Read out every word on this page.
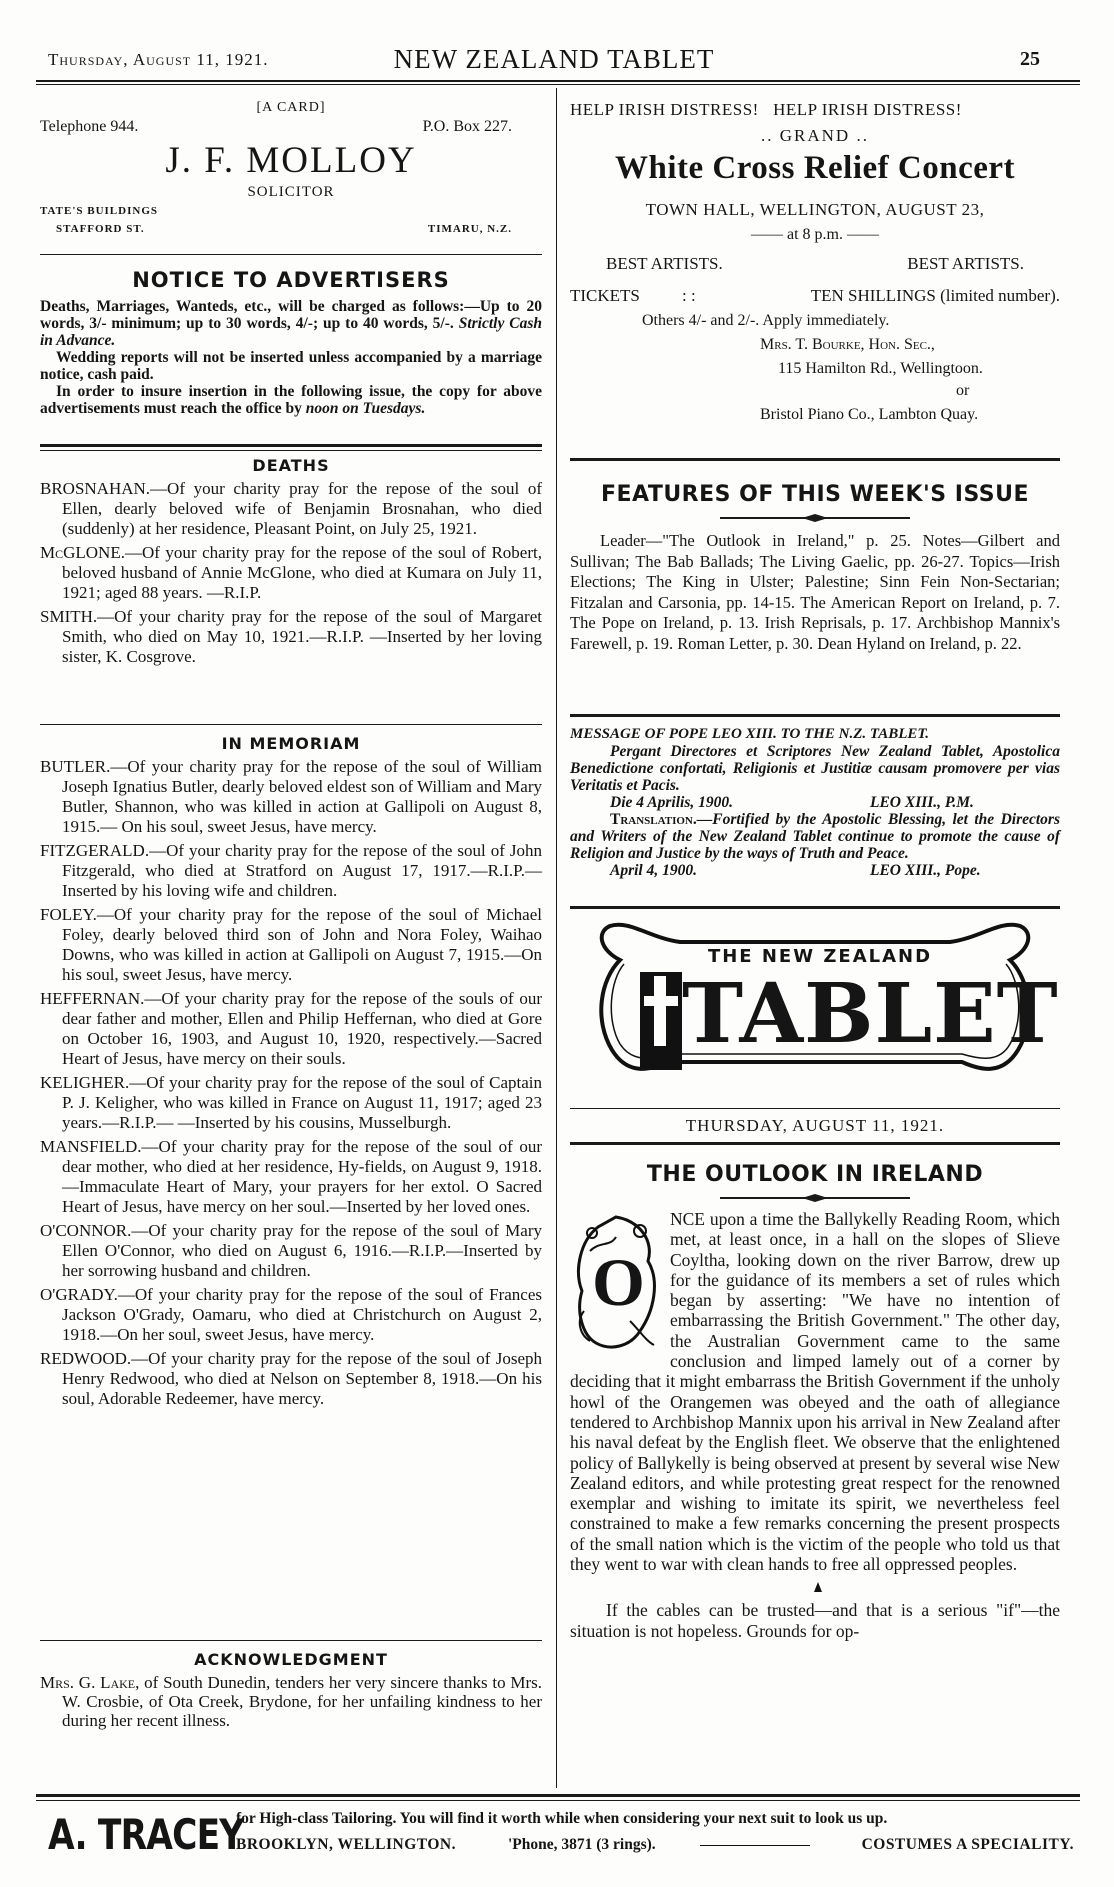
Thursday, August 11, 1921.	NEW ZEALAND TABLET	25
[A CARD]
Telephone 944.	P.O. Box 227.
J. F. MOLLOY
SOLICITOR
TATE'S BUILDINGS
STAFFORD ST.	TIMARU, N.Z.
NOTICE TO ADVERTISERS

Deaths, Marriages, Wanteds, etc., will be charged as follows:—Up to 20 words, 3/- minimum; up to 30 words, 4/-; up to 40 words, 5/-. Strictly Cash in Advance.

Wedding reports will not be inserted unless accompanied by a marriage notice, cash paid.

In order to insure insertion in the following issue, the copy for above advertisements must reach the office by noon on Tuesdays.

DEATHS
BROSNAHAN.—Of your charity pray for the repose of the soul of Ellen, dearly beloved wife of Benjamin Brosnahan, who died (suddenly) at her residence, Pleasant Point, on July 25, 1921.
McGLONE.—Of your charity pray for the repose of the soul of Robert, beloved husband of Annie McGlone, who died at Kumara on July 11, 1921; aged 88 years. —R.I.P.
SMITH.—Of your charity pray for the repose of the soul of Margaret Smith, who died on May 10, 1921.—R.I.P. —Inserted by her loving sister, K. Cosgrove.
IN MEMORIAM
BUTLER.—Of your charity pray for the repose of the soul of William Joseph Ignatius Butler, dearly beloved eldest son of William and Mary Butler, Shannon, who was killed in action at Gallipoli on August 8, 1915.— On his soul, sweet Jesus, have mercy.
FITZGERALD.—Of your charity pray for the repose of the soul of John Fitzgerald, who died at Stratford on August 17, 1917.—R.I.P.—Inserted by his loving wife and children.
FOLEY.—Of your charity pray for the repose of the soul of Michael Foley, dearly beloved third son of John and Nora Foley, Waihao Downs, who was killed in action at Gallipoli on August 7, 1915.—On his soul, sweet Jesus, have mercy.
HEFFERNAN.—Of your charity pray for the repose of the souls of our dear father and mother, Ellen and Philip Heffernan, who died at Gore on October 16, 1903, and August 10, 1920, respectively.—Sacred Heart of Jesus, have mercy on their souls.
KELIGHER.—Of your charity pray for the repose of the soul of Captain P. J. Keligher, who was killed in France on August 11, 1917; aged 23 years.—R.I.P.— —Inserted by his cousins, Musselburgh.
MANSFIELD.—Of your charity pray for the repose of the soul of our dear mother, who died at her residence, Hy-fields, on August 9, 1918.—Immaculate Heart of Mary, your prayers for her extol. O Sacred Heart of Jesus, have mercy on her soul.—Inserted by her loved ones.
O'CONNOR.—Of your charity pray for the repose of the soul of Mary Ellen O'Connor, who died on August 6, 1916.—R.I.P.—Inserted by her sorrowing husband and children.
O'GRADY.—Of your charity pray for the repose of the soul of Frances Jackson O'Grady, Oamaru, who died at Christchurch on August 2, 1918.—On her soul, sweet Jesus, have mercy.
REDWOOD.—Of your charity pray for the repose of the soul of Joseph Henry Redwood, who died at Nelson on September 8, 1918.—On his soul, Adorable Redeemer, have mercy.
ACKNOWLEDGMENT
Mrs. G. Lake, of South Dunedin, tenders her very sincere thanks to Mrs. W. Crosbie, of Ota Creek, Brydone, for her unfailing kindness to her during her recent illness.
HELP IRISH DISTRESS!   HELP IRISH DISTRESS!
.. GRAND ..
White Cross Relief Concert
TOWN HALL, WELLINGTON, AUGUST 23,
—— at 8 p.m. ——
BEST ARTISTS.	BEST ARTISTS.
TICKETS : :	TEN SHILLINGS (limited number).
Others 4/- and 2/-. Apply immediately.
Mrs. T. Bourke, Hon. Sec.,
115 Hamilton Rd., Wellingtoon.
or
Bristol Piano Co., Lambton Quay.
FEATURES OF THIS WEEK'S ISSUE
Leader—"The Outlook in Ireland," p. 25. Notes—Gilbert and Sullivan; The Bab Ballads; The Living Gaelic, pp. 26-27. Topics—Irish Elections; The King in Ulster; Palestine; Sinn Fein Non-Sectarian; Fitzalan and Carsonia, pp. 14-15. The American Report on Ireland, p. 7. The Pope on Ireland, p. 13. Irish Reprisals, p. 17. Archbishop Mannix's Farewell, p. 19. Roman Letter, p. 30. Dean Hyland on Ireland, p. 22.
MESSAGE OF POPE LEO XIII. TO THE N.Z. TABLET.
Pergant Directores et Scriptores New Zealand Tablet, Apostolica Benedictione confortati, Religionis et Justitiæ causam promovere per vias Veritatis et Pacis.
Die 4 Aprilis, 1900.	LEO XIII., P.M.
Translation.—Fortified by the Apostolic Blessing, let the Directors and Writers of the New Zealand Tablet continue to promote the cause of Religion and Justice by the ways of Truth and Peace.
April 4, 1900.	LEO XIII., Pope.
THE NEW ZEALAND
TABLET
THURSDAY, AUGUST 11, 1921.
THE OUTLOOK IN IRELAND
O
NCE upon a time the Ballykelly Reading Room, which met, at least once, in a hall on the slopes of Slieve Coyltha, looking down on the river Barrow, drew up for the guidance of its members a set of rules which began by asserting: "We have no intention of embarrassing the British Government." The other day, the Australian Government came to the same conclusion and limped lamely out of a corner by deciding that it might embarrass the British Government if the unholy howl of the Orangemen was obeyed and the oath of allegiance tendered to Archbishop Mannix upon his arrival in New Zealand after his naval defeat by the English fleet. We observe that the enlightened policy of Ballykelly is being observed at present by several wise New Zealand editors, and while protesting great respect for the renowned exemplar and wishing to imitate its spirit, we nevertheless feel constrained to make a few remarks concerning the present prospects of the small nation which is the victim of the people who told us that they went to war with clean hands to free all oppressed peoples.
If the cables can be trusted—and that is a serious "if"—the situation is not hopeless. Grounds for op-
A. TRACEY
for High-class Tailoring. You will find it worth while when considering your next suit to look us up.
BROOKLYN, WELLINGTON.	'Phone, 3871 (3 rings).	COSTUMES A SPECIALITY.
